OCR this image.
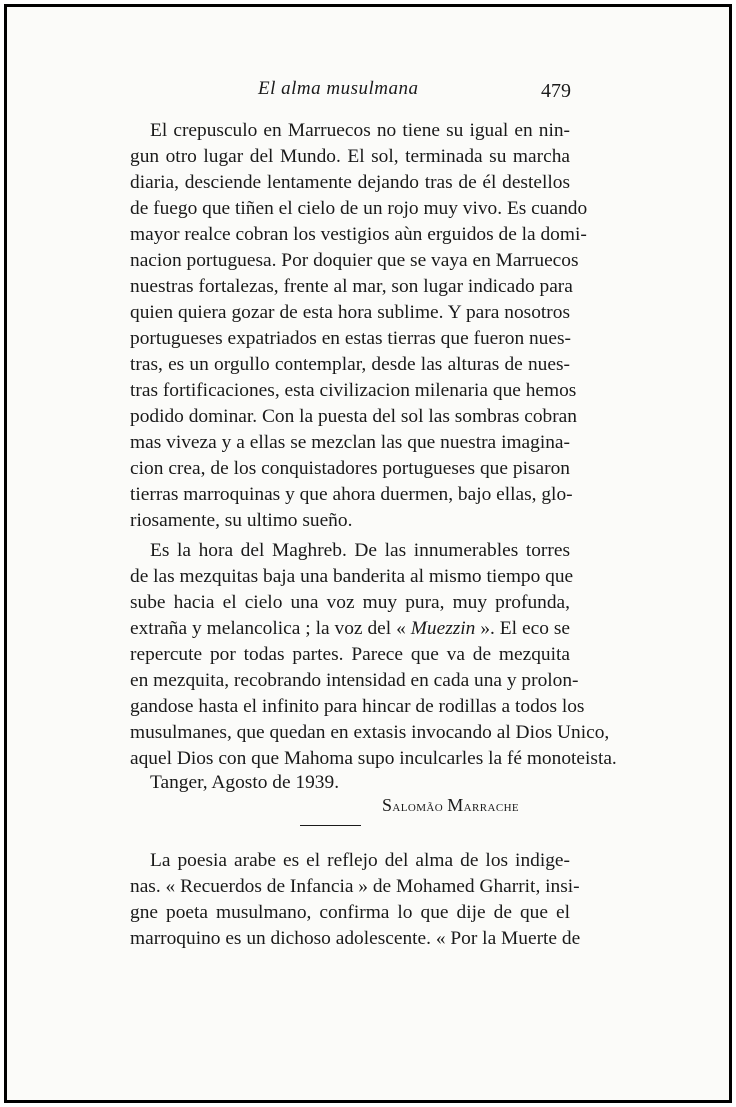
El alma musulmana	479
El crepusculo en Marruecos no tiene su igual en nin-
gun otro lugar del Mundo. El sol, terminada su marcha
diaria, desciende lentamente dejando tras de él destellos
de fuego que tiñen el cielo de un rojo muy vivo. Es cuando
mayor realce cobran los vestigios aùn erguidos de la domi-
nacion portuguesa. Por doquier que se vaya en Marruecos
nuestras fortalezas, frente al mar, son lugar indicado para
quien quiera gozar de esta hora sublime. Y para nosotros
portugueses expatriados en estas tierras que fueron nues-
tras, es un orgullo contemplar, desde las alturas de nues-
tras fortificaciones, esta civilizacion milenaria que hemos
podido dominar. Con la puesta del sol las sombras cobran
mas viveza y a ellas se mezclan las que nuestra imagina-
cion crea, de los conquistadores portugueses que pisaron
tierras marroquinas y que ahora duermen, bajo ellas, glo-
riosamente, su ultimo sueño.
Es la hora del Maghreb. De las innumerables torres
de las mezquitas baja una banderita al mismo tiempo que
sube hacia el cielo una voz muy pura, muy profunda,
extraña y melancolica ; la voz del « Muezzin ». El eco se
repercute por todas partes. Parece que va de mezquita
en mezquita, recobrando intensidad en cada una y prolon-
gandose hasta el infinito para hincar de rodillas a todos los
musulmanes, que quedan en extasis invocando al Dios Unico,
aquel Dios con que Mahoma supo inculcarles la fé monoteista.
Tanger, Agosto de 1939.
Salomão Marrache
La poesia arabe es el reflejo del alma de los indige-
nas. « Recuerdos de Infancia » de Mohamed Gharrit, insi-
gne poeta musulmano, confirma lo que dije de que el
marroquino es un dichoso adolescente. « Por la Muerte de
